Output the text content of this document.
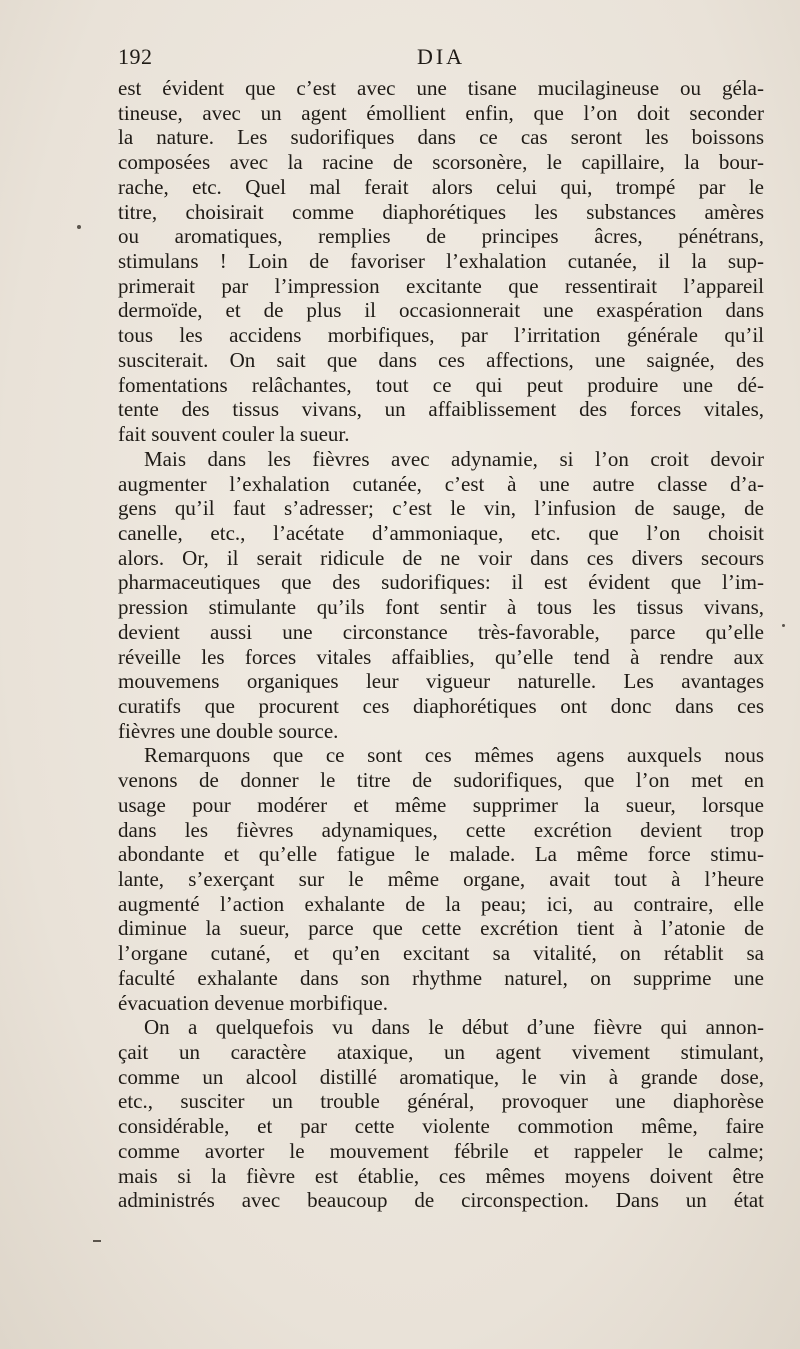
192	DIA
est évident que c’est avec une tisane mucilagineuse ou géla-
tineuse, avec un agent émollient enfin, que l’on doit seconder
la nature. Les sudorifiques dans ce cas seront les boissons
composées avec la racine de scorsonère, le capillaire, la bour-
rache, etc. Quel mal ferait alors celui qui, trompé par le
titre, choisirait comme diaphorétiques les substances amères
ou aromatiques, remplies de principes âcres, pénétrans,
stimulans ! Loin de favoriser l’exhalation cutanée, il la sup-
primerait par l’impression excitante que ressentirait l’appareil
dermoïde, et de plus il occasionnerait une exaspération dans
tous les accidens morbifiques, par l’irritation générale qu’il
susciterait. On sait que dans ces affections, une saignée, des
fomentations relâchantes, tout ce qui peut produire une dé-
tente des tissus vivans, un affaiblissement des forces vitales,
fait souvent couler la sueur.
Mais dans les fièvres avec adynamie, si l’on croit devoir
augmenter l’exhalation cutanée, c’est à une autre classe d’a-
gens qu’il faut s’adresser; c’est le vin, l’infusion de sauge, de
canelle, etc., l’acétate d’ammoniaque, etc. que l’on choisit
alors. Or, il serait ridicule de ne voir dans ces divers secours
pharmaceutiques que des sudorifiques: il est évident que l’im-
pression stimulante qu’ils font sentir à tous les tissus vivans,
devient aussi une circonstance très-favorable, parce qu’elle
réveille les forces vitales affaiblies, qu’elle tend à rendre aux
mouvemens organiques leur vigueur naturelle. Les avantages
curatifs que procurent ces diaphorétiques ont donc dans ces
fièvres une double source.
Remarquons que ce sont ces mêmes agens auxquels nous
venons de donner le titre de sudorifiques, que l’on met en
usage pour modérer et même supprimer la sueur, lorsque
dans les fièvres adynamiques, cette excrétion devient trop
abondante et qu’elle fatigue le malade. La même force stimu-
lante, s’exerçant sur le même organe, avait tout à l’heure
augmenté l’action exhalante de la peau; ici, au contraire, elle
diminue la sueur, parce que cette excrétion tient à l’atonie de
l’organe cutané, et qu’en excitant sa vitalité, on rétablit sa
faculté exhalante dans son rhythme naturel, on supprime une
évacuation devenue morbifique.
On a quelquefois vu dans le début d’une fièvre qui annon-
çait un caractère ataxique, un agent vivement stimulant,
comme un alcool distillé aromatique, le vin à grande dose,
etc., susciter un trouble général, provoquer une diaphorèse
considérable, et par cette violente commotion même, faire
comme avorter le mouvement fébrile et rappeler le calme;
mais si la fièvre est établie, ces mêmes moyens doivent être
administrés avec beaucoup de circonspection. Dans un état
